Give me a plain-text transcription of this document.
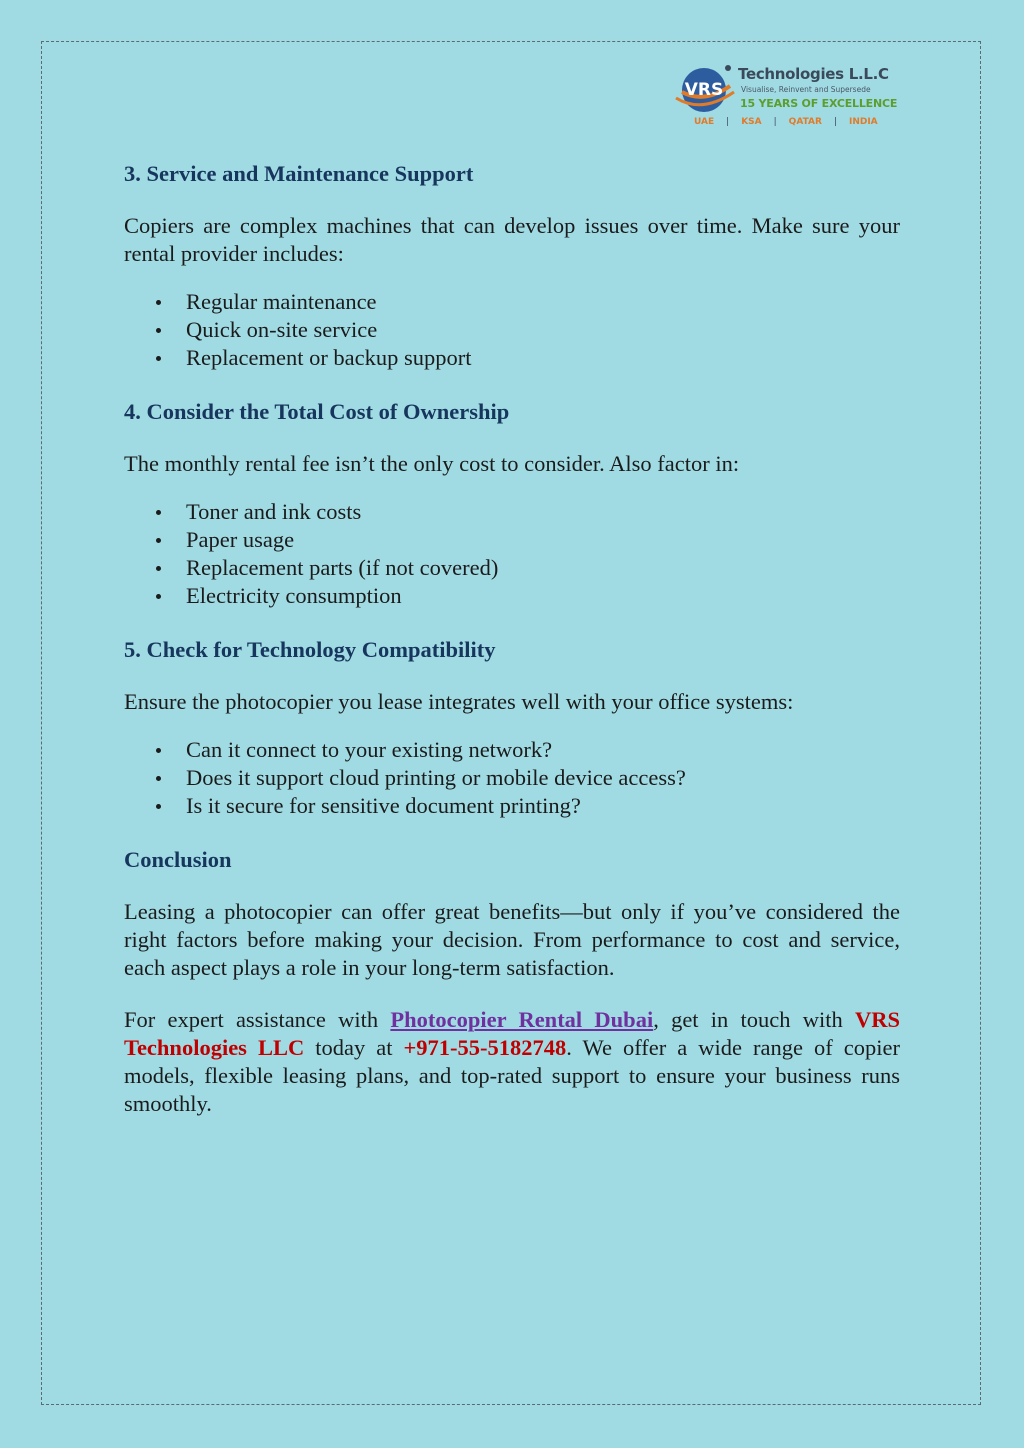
VRS
Technologies L.L.C
Visualise, Reinvent and Supersede
15 YEARS OF EXCELLENCE
UAE | KSA | QATAR | INDIA
3. Service and Maintenance Support

Copiers are complex machines that can develop issues over time. Make sure your rental provider includes:

Regular maintenance
Quick on-site service
Replacement or backup support
4. Consider the Total Cost of Ownership

The monthly rental fee isn’t the only cost to consider. Also factor in:

Toner and ink costs
Paper usage
Replacement parts (if not covered)
Electricity consumption
5. Check for Technology Compatibility

Ensure the photocopier you lease integrates well with your office systems:

Can it connect to your existing network?
Does it support cloud printing or mobile device access?
Is it secure for sensitive document printing?
Conclusion

Leasing a photocopier can offer great benefits—but only if you’ve considered the right factors before making your decision. From performance to cost and service, each aspect plays a role in your long-term satisfaction.

For expert assistance with Photocopier Rental Dubai, get in touch with VRS Technologies LLC today at +971-55-5182748. We offer a wide range of copier models, flexible leasing plans, and top-rated support to ensure your business runs smoothly.
